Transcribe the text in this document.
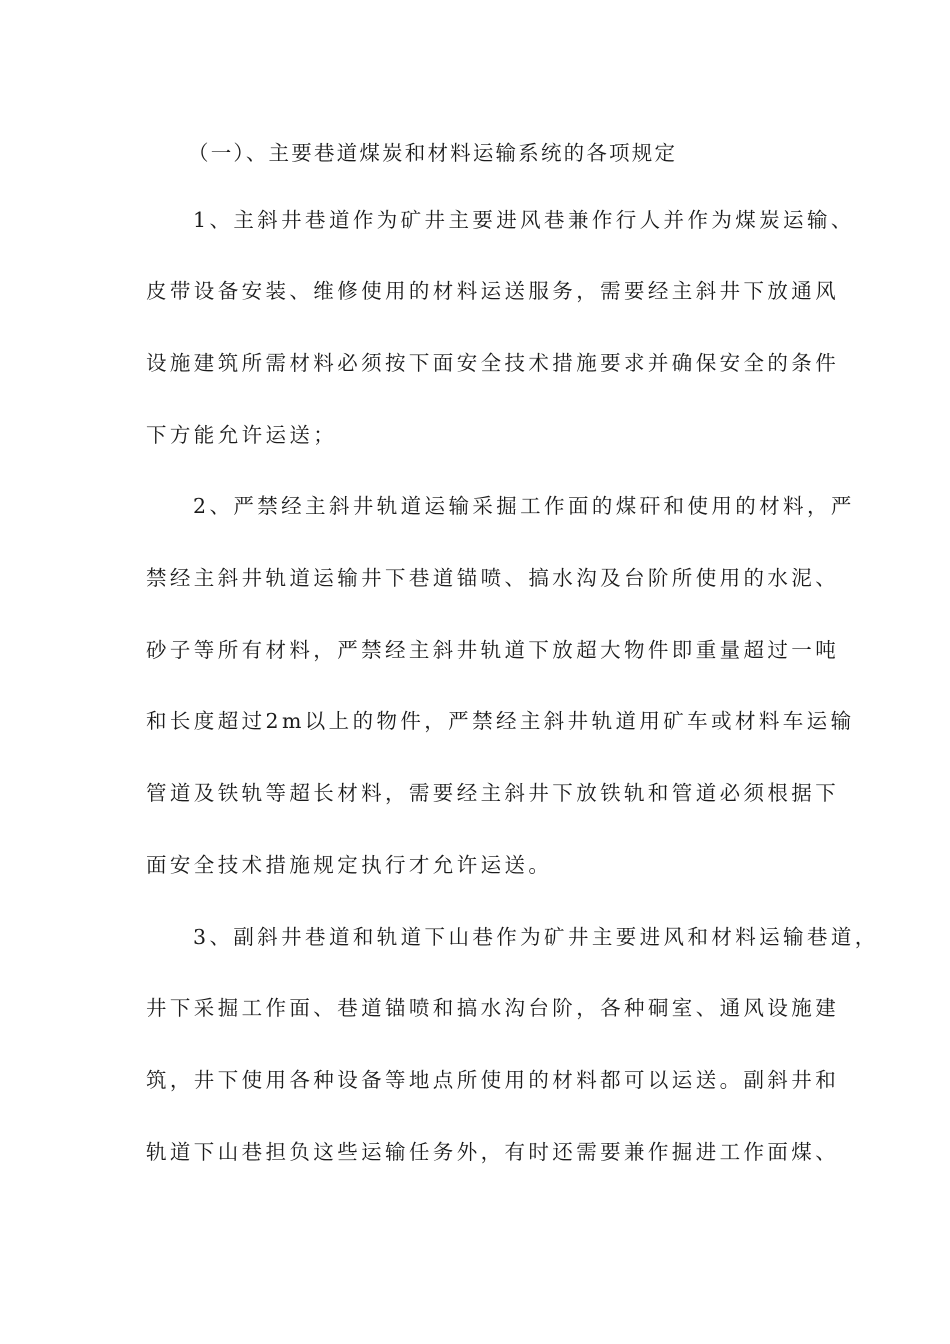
（一）、主要巷道煤炭和材料运输系统的各项规定
1、主斜井巷道作为矿井主要进风巷兼作行人并作为煤炭运输、
皮带设备安装、维修使用的材料运送服务，需要经主斜井下放通风
设施建筑所需材料必须按下面安全技术措施要求并确保安全的条件
下方能允许运送；
2、严禁经主斜井轨道运输采掘工作面的煤矸和使用的材料，严
禁经主斜井轨道运输井下巷道锚喷、搞水沟及台阶所使用的水泥、
砂子等所有材料，严禁经主斜井轨道下放超大物件即重量超过一吨
和长度超过2m以上的物件，严禁经主斜井轨道用矿车或材料车运输
管道及铁轨等超长材料，需要经主斜井下放铁轨和管道必须根据下
面安全技术措施规定执行才允许运送。
3、副斜井巷道和轨道下山巷作为矿井主要进风和材料运输巷道，
井下采掘工作面、巷道锚喷和搞水沟台阶，各种硐室、通风设施建
筑，井下使用各种设备等地点所使用的材料都可以运送。副斜井和
轨道下山巷担负这些运输任务外，有时还需要兼作掘进工作面煤、
